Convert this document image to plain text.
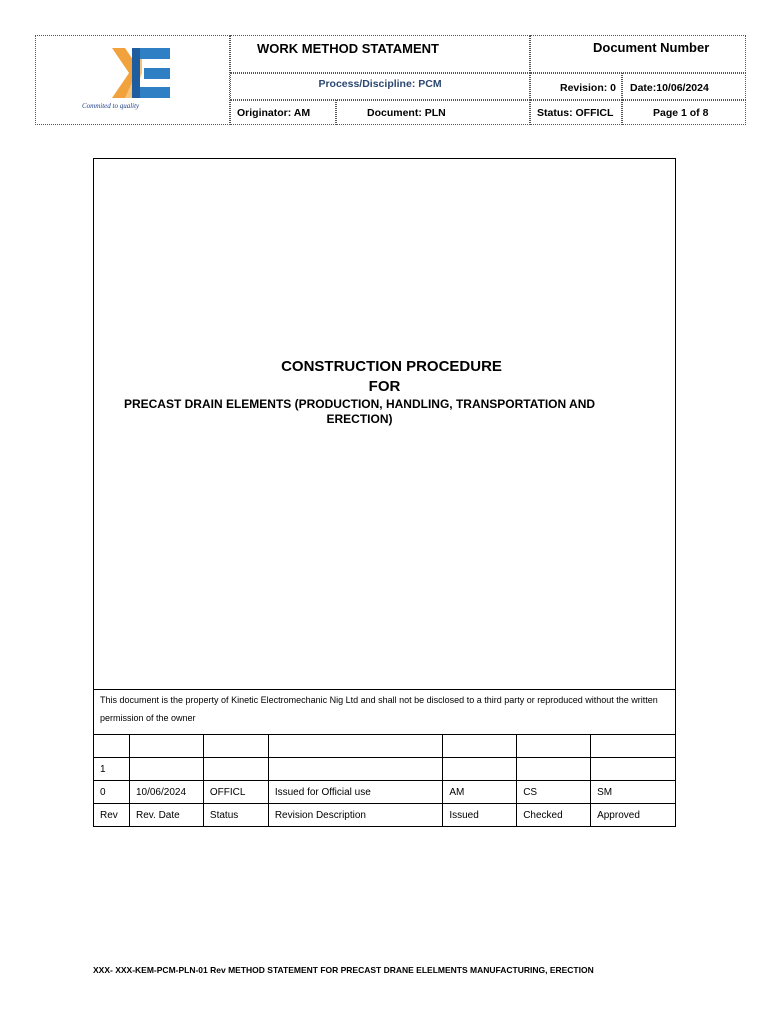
Commited to quality
WORK METHOD STATAMENT	Document Number
Process/Discipline: PCM	Revision: 0	Date:10/06/2024
Originator: AM	Document: PLN	Status: OFFICL	Page 1 of 8
CONSTRUCTION PROCEDURE
FOR
PRECAST DRAIN ELEMENTS (PRODUCTION, HANDLING, TRANSPORTATION AND ERECTION)
This document is the property of Kinetic Electromechanic Nig Ltd and shall not be disclosed to a third party or reproduced without the written permission of the owner

1						
0	10/06/2024	OFFICL	Issued for Official use	AM	CS	SM
Rev	Rev. Date	Status	Revision Description	Issued	Checked	Approved
XXX- XXX-KEM-PCM-PLN-01 Rev METHOD STATEMENT FOR PRECAST DRANE ELELMENTS MANUFACTURING, ERECTION
